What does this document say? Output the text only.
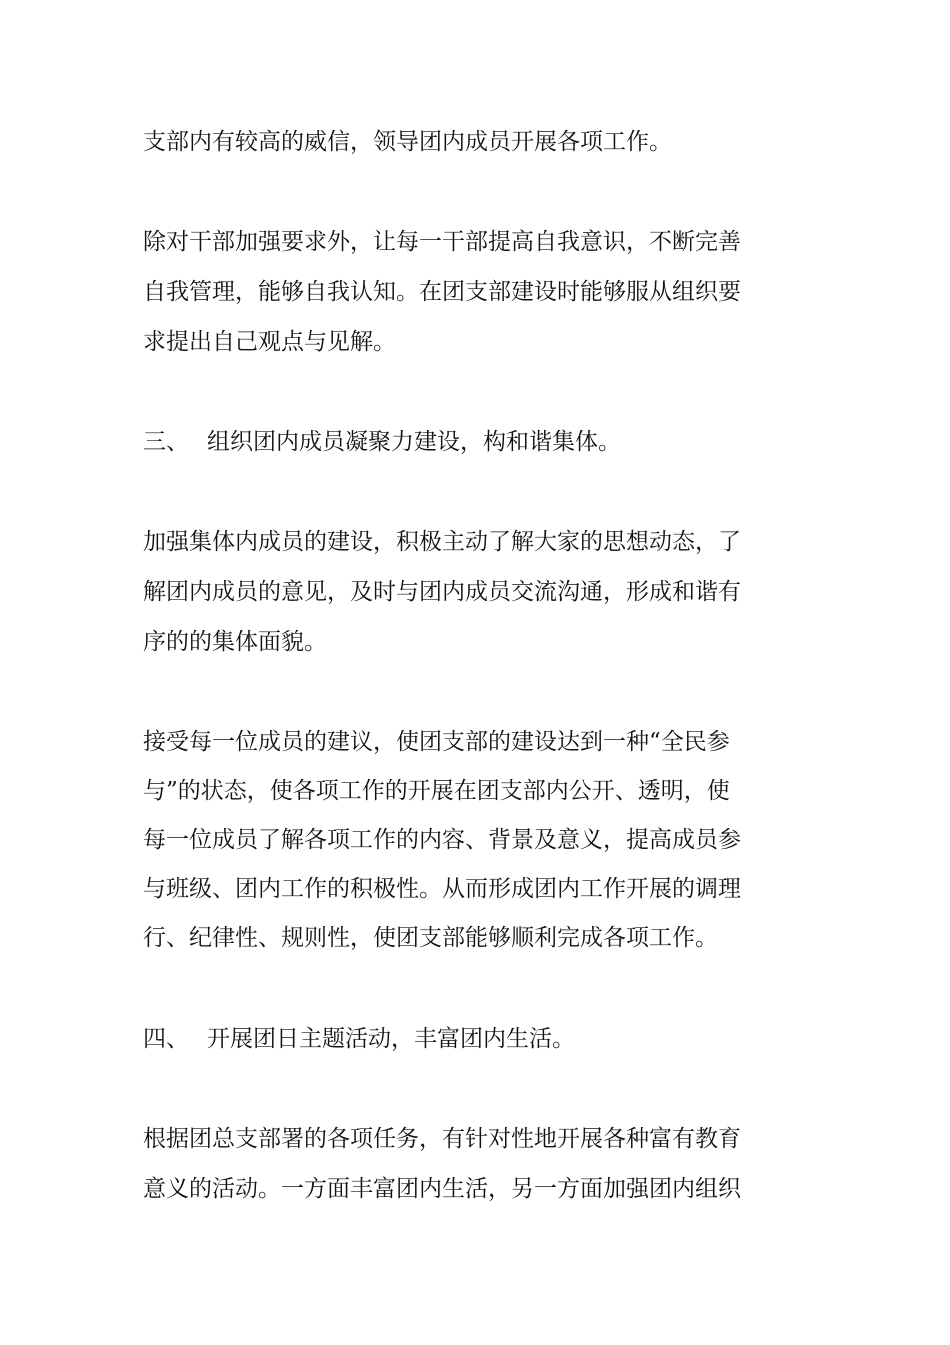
支部内有较高的威信，领导团内成员开展各项工作。
除对干部加强要求外，让每一干部提高自我意识，不断完善
自我管理，能够自我认知。在团支部建设时能够服从组织要
求提出自己观点与见解。
三、 组织团内成员凝聚力建设，构和谐集体。
加强集体内成员的建设，积极主动了解大家的思想动态，了
解团内成员的意见，及时与团内成员交流沟通，形成和谐有
序的的集体面貌。
接受每一位成员的建议，使团支部的建设达到一种“全民参
与”的状态，使各项工作的开展在团支部内公开、透明，使
每一位成员了解各项工作的内容、背景及意义，提高成员参
与班级、团内工作的积极性。从而形成团内工作开展的调理
行、纪律性、规则性，使团支部能够顺利完成各项工作。
四、 开展团日主题活动，丰富团内生活。
根据团总支部署的各项任务，有针对性地开展各种富有教育
意义的活动。一方面丰富团内生活，另一方面加强团内组织
